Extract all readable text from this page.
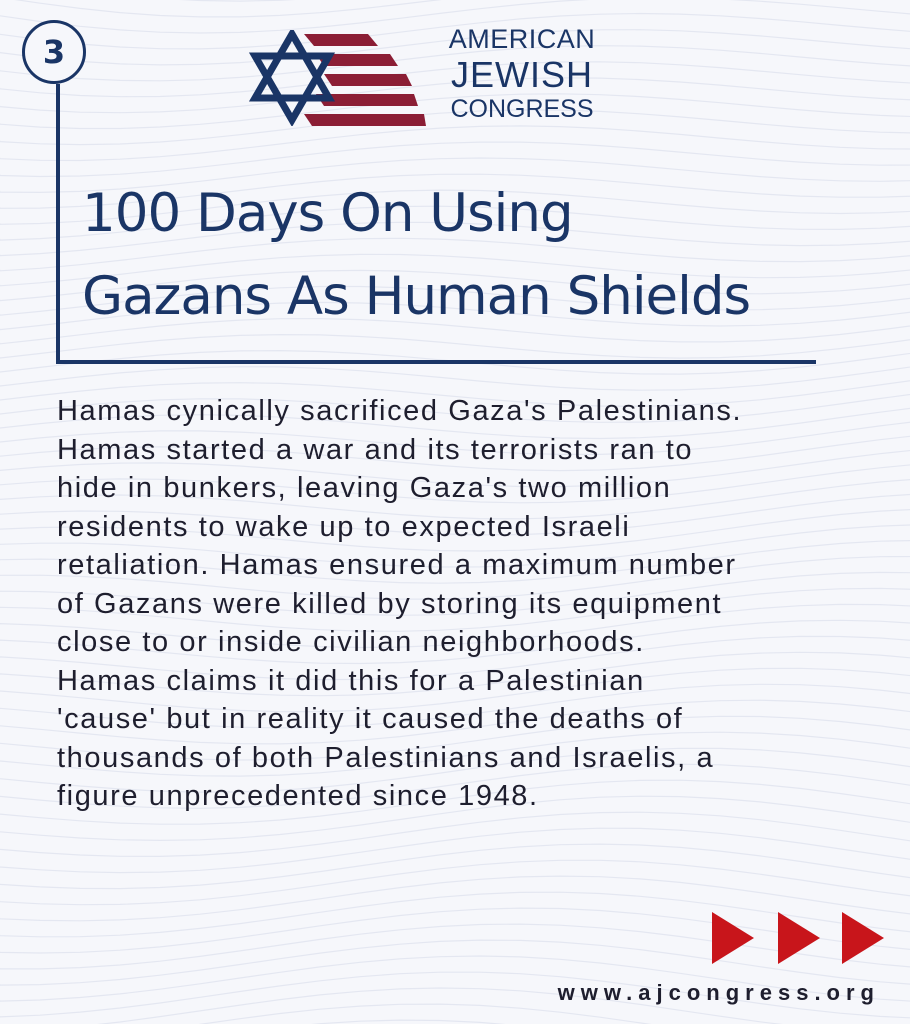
3	AMERICAN
JEWISH
CONGRESS
100 Days On Using
Gazans As Human Shields

Hamas cynically sacrificed Gaza's Palestinians.
Hamas started a war and its terrorists ran to
hide in bunkers, leaving Gaza's two million
residents to wake up to expected Israeli
retaliation. Hamas ensured a maximum number
of Gazans were killed by storing its equipment
close to or inside civilian neighborhoods.
Hamas claims it did this for a Palestinian
'cause' but in reality it caused the deaths of
thousands of both Palestinians and Israelis, a
figure unprecedented since 1948.

www.ajcongress.org
